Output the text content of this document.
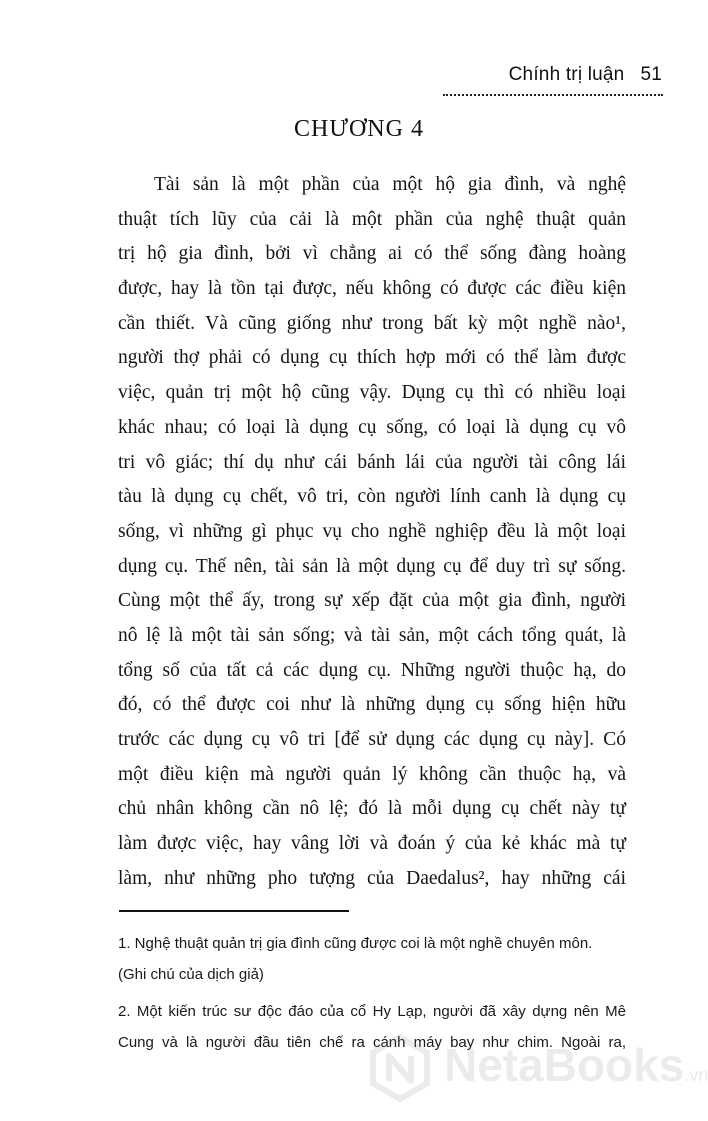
Chính trị luận 51
CHƯƠNG 4
Tài sản là một phần của một hộ gia đình, và nghệ
thuật tích lũy của cải là một phần của nghệ thuật quản
trị hộ gia đình, bởi vì chẳng ai có thể sống đàng hoàng
được, hay là tồn tại được, nếu không có được các điều kiện
cần thiết. Và cũng giống như trong bất kỳ một nghề nào¹,
người thợ phải có dụng cụ thích hợp mới có thể làm được
việc, quản trị một hộ cũng vậy. Dụng cụ thì có nhiều loại
khác nhau; có loại là dụng cụ sống, có loại là dụng cụ vô
tri vô giác; thí dụ như cái bánh lái của người tài công lái
tàu là dụng cụ chết, vô tri, còn người lính canh là dụng cụ
sống, vì những gì phục vụ cho nghề nghiệp đều là một loại
dụng cụ. Thế nên, tài sản là một dụng cụ để duy trì sự sống.
Cùng một thể ấy, trong sự xếp đặt của một gia đình, người
nô lệ là một tài sản sống; và tài sản, một cách tổng quát, là
tổng số của tất cả các dụng cụ. Những người thuộc hạ, do
đó, có thể được coi như là những dụng cụ sống hiện hữu
trước các dụng cụ vô tri [để sử dụng các dụng cụ này]. Có
một điều kiện mà người quản lý không cần thuộc hạ, và
chủ nhân không cần nô lệ; đó là mỗi dụng cụ chết này tự
làm được việc, hay vâng lời và đoán ý của kẻ khác mà tự
làm, như những pho tượng của Daedalus², hay những cái
1. Nghệ thuật quản trị gia đình cũng được coi là một nghề chuyên môn.
(Ghi chú của dịch giả)
2. Một kiến trúc sư độc đáo của cổ Hy Lạp, người đã xây dựng nên Mê
Cung và là người đầu tiên chế ra cánh máy bay như chim. Ngoài ra,
NetaBooks.vn
